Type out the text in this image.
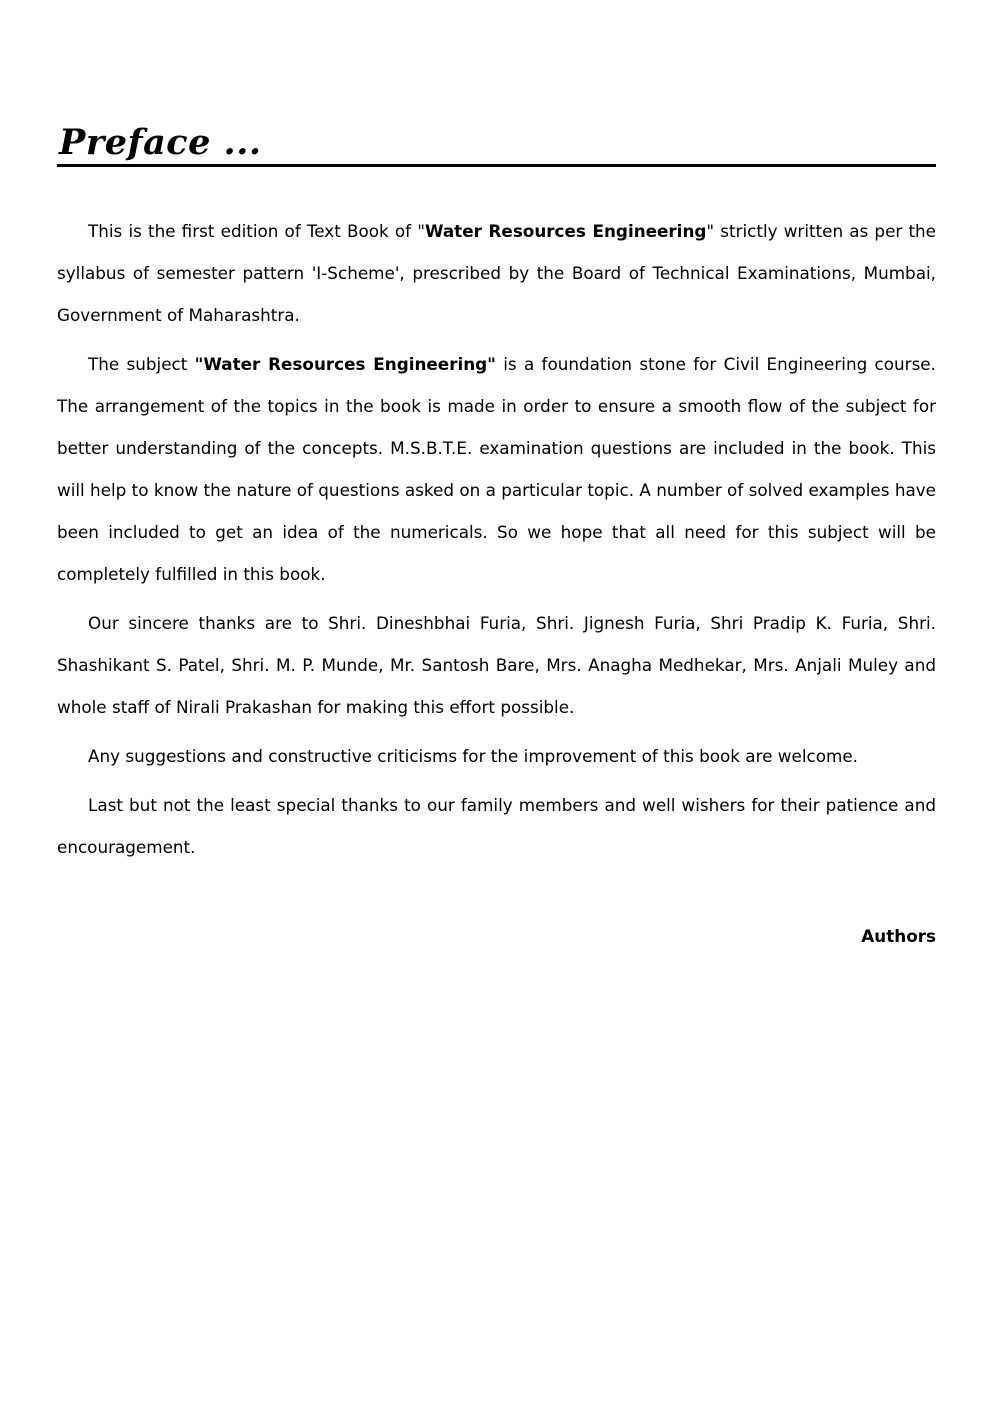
Preface ...

This is the first edition of Text Book of "Water Resources Engineering" strictly written as per the syllabus of semester pattern 'I-Scheme', prescribed by the Board of Technical Examinations, Mumbai, Government of Maharashtra.

The subject "Water Resources Engineering" is a foundation stone for Civil Engineering course. The arrangement of the topics in the book is made in order to ensure a smooth flow of the subject for better understanding of the concepts. M.S.B.T.E. examination questions are included in the book. This will help to know the nature of questions asked on a particular topic. A number of solved examples have been included to get an idea of the numericals. So we hope that all need for this subject will be completely fulfilled in this book.

Our sincere thanks are to Shri. Dineshbhai Furia, Shri. Jignesh Furia, Shri Pradip K. Furia, Shri. Shashikant S. Patel, Shri. M. P. Munde, Mr. Santosh Bare, Mrs. Anagha Medhekar, Mrs. Anjali Muley and whole staff of Nirali Prakashan for making this effort possible.

Any suggestions and constructive criticisms for the improvement of this book are welcome.

Last but not the least special thanks to our family members and well wishers for their patience and encouragement.

Authors
